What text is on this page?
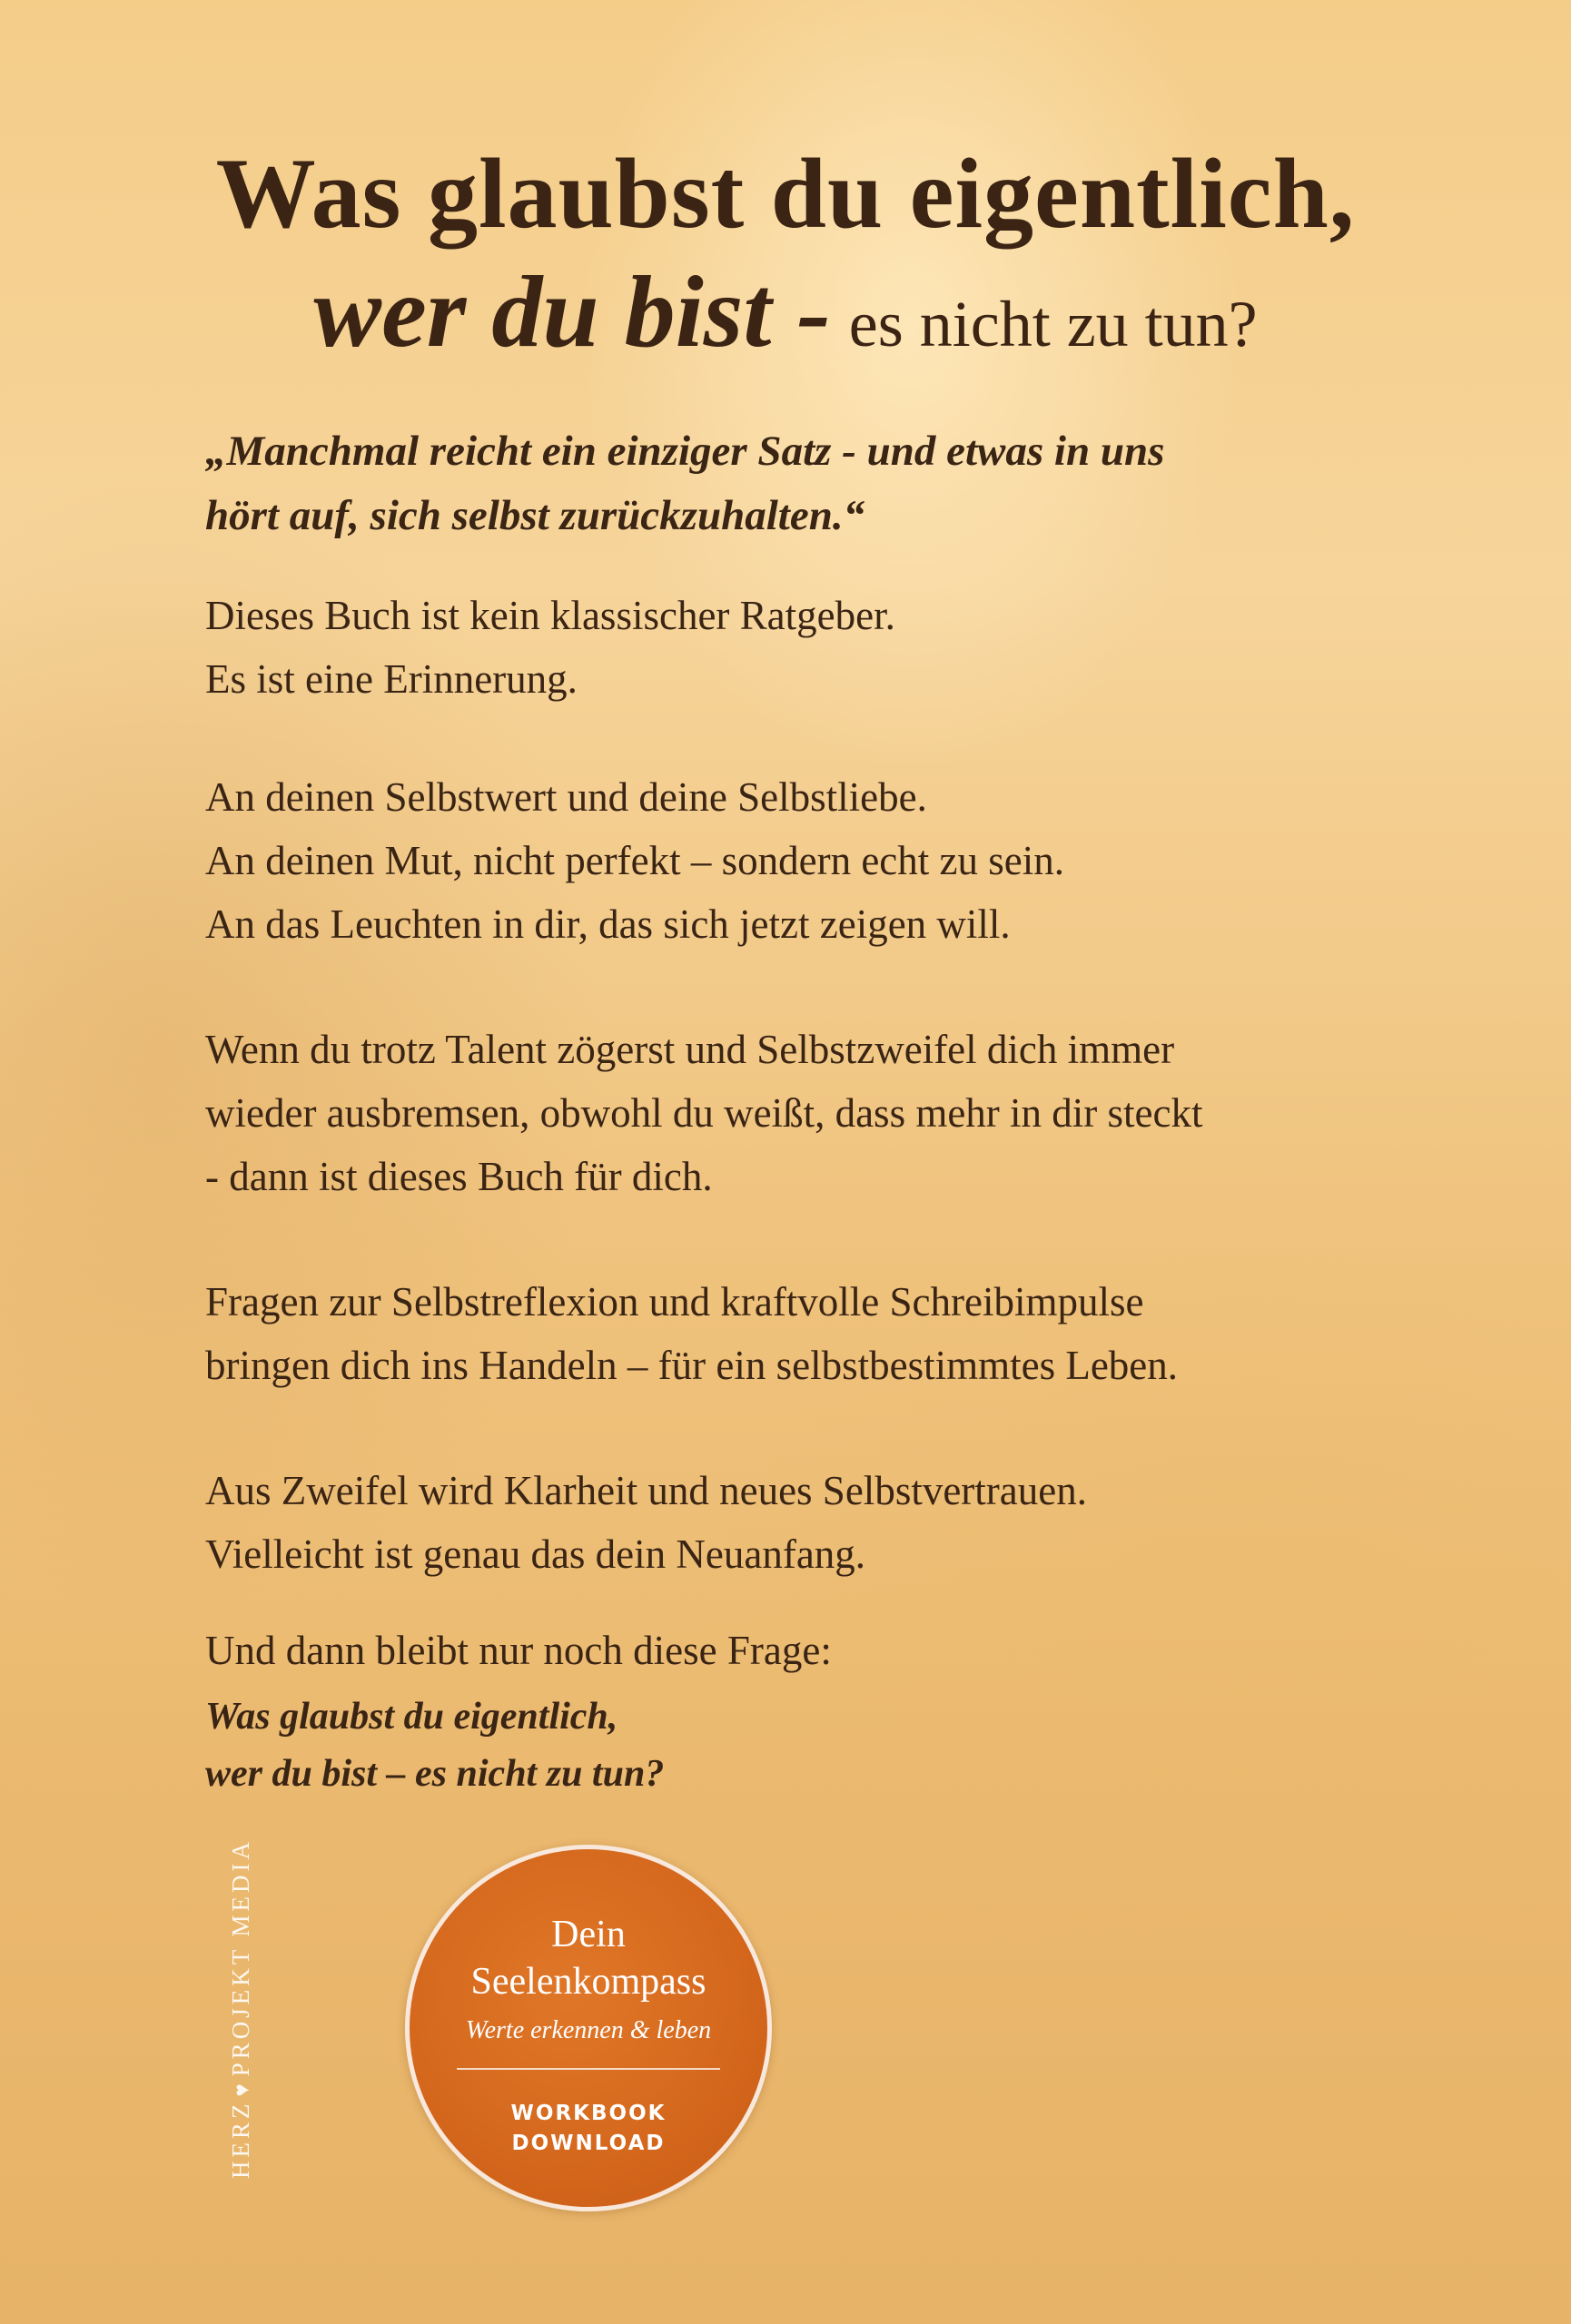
Was glaubst du eigentlich,
wer du bist - es nicht zu tun?
„Manchmal reicht ein einziger Satz - und etwas in uns
hört auf, sich selbst zurückzuhalten.“
Dieses Buch ist kein klassischer Ratgeber.
Es ist eine Erinnerung.
An deinen Selbstwert und deine Selbstliebe.
An deinen Mut, nicht perfekt – sondern echt zu sein.
An das Leuchten in dir, das sich jetzt zeigen will.
Wenn du trotz Talent zögerst und Selbstzweifel dich immer
wieder ausbremsen, obwohl du weißt, dass mehr in dir steckt
- dann ist dieses Buch für dich.
Fragen zur Selbstreflexion und kraftvolle Schreibimpulse
bringen dich ins Handeln – für ein selbstbestimmtes Leben.
Aus Zweifel wird Klarheit und neues Selbstvertrauen.
Vielleicht ist genau das dein Neuanfang.
Und dann bleibt nur noch diese Frage:
Was glaubst du eigentlich,
wer du bist – es nicht zu tun?
HERZ♥PROJEKT MEDIA	Dein
Seelenkompass
Werte erkennen & leben
WORKBOOK
DOWNLOAD
